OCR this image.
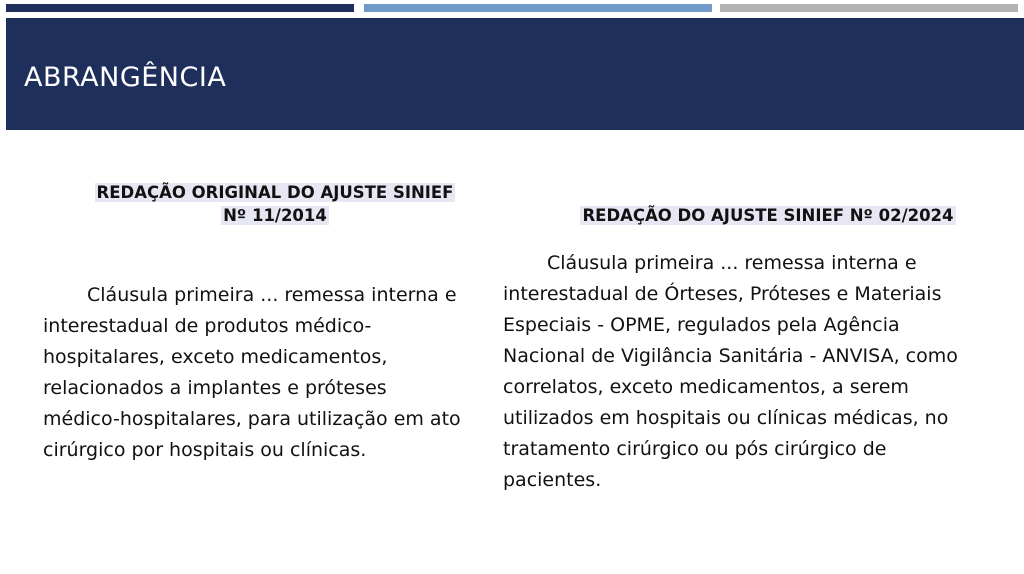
ABRANGÊNCIA
REDAÇÃO ORIGINAL DO AJUSTE SINIEF
Nº 11/2014	REDAÇÃO DO AJUSTE SINIEF Nº 02/2024
Cláusula primeira ... remessa interna e
interestadual de produtos médico-
hospitalares, exceto medicamentos,
relacionados a implantes e próteses
médico-hospitalares, para utilização em ato
cirúrgico por hospitais ou clínicas.
Cláusula primeira ... remessa interna e
interestadual de Órteses, Próteses e Materiais
Especiais - OPME, regulados pela Agência
Nacional de Vigilância Sanitária - ANVISA, como
correlatos, exceto medicamentos, a serem
utilizados em hospitais ou clínicas médicas, no
tratamento cirúrgico ou pós cirúrgico de
pacientes.
